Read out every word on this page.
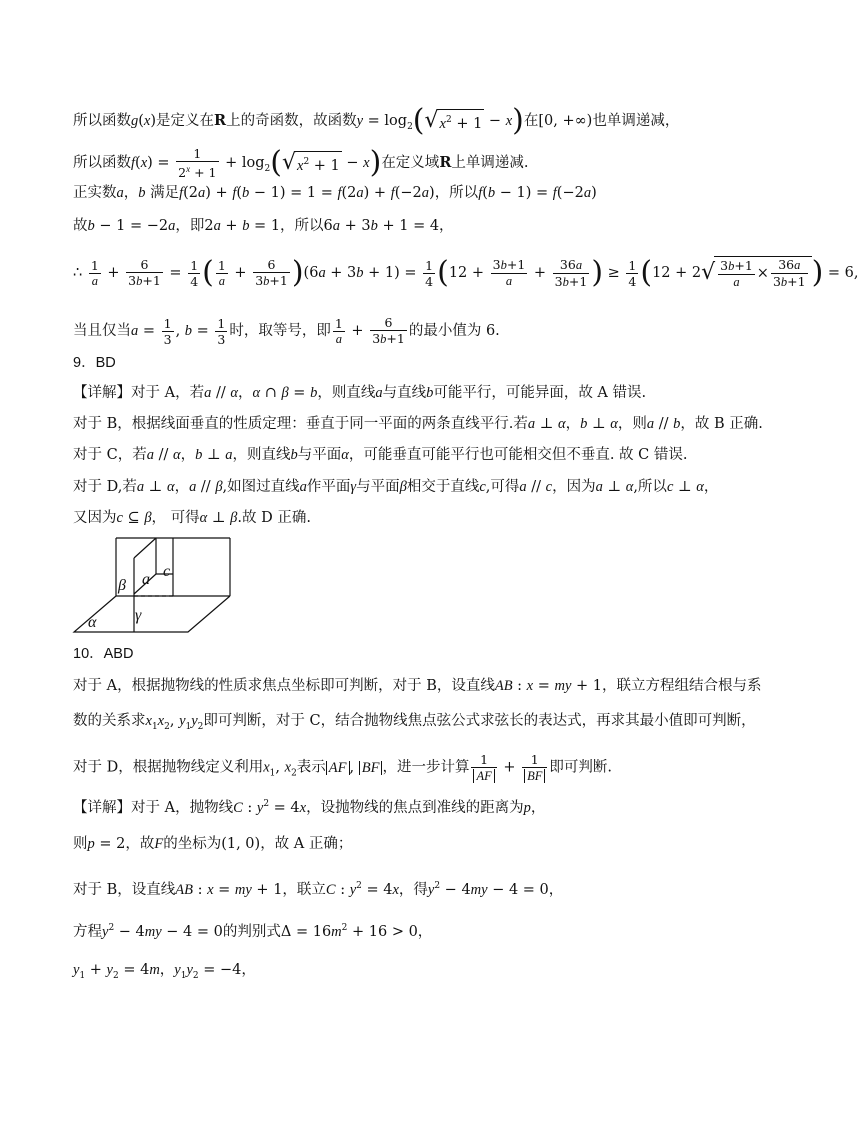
所以函数g(x)是定义在R上的奇函数，故函数$y = \log_2(√x^2 + 1 - x)$在[0, +∞)也单调递减，
所以函数$f(x) = \frac{1}{2^x + 1} + \log_2(√x^2 + 1 - x)$在定义域R上单调递减.
正实数a，b 满足f(2a) + f(b − 1) = 1 = f(2a) + f(−2a)，所以f(b − 1) = f(−2a)
故b − 1 = −2a，即2a + b = 1，所以6a + 3b + 1 = 4，
∴ $\frac{1}{a} + \frac{6}{3b+1} = \frac{1}{4}$ ( $\frac{1}{a} + \frac{6}{3b+1} )(6a + 3b + 1) = \frac{1}{4} (12 + \frac{3b+1}{a} + \frac{36a}{3b+1}$ ) ≥ $\frac{1}{4} (12 + 2√ \frac{3b+1}{a} \times \frac{36a}{3b+1}$ ) = 6,
当且仅当$a = \frac{1}{3}$ , $b = \frac{1}{3}$ 时，取等号，即 $\frac{1}{a} + \frac{6}{3b+1}$ 的最小值为 6.
9．BD
【详解】对于 A，若a // α，α ∩ β = b，则直线a与直线b可能平行，可能异面，故 A 错误.
对于 B，根据线面垂直的性质定理：垂直于同一平面的两条直线平行.若a ⊥ α，b ⊥ α，则a // b，故 B 正确.
对于 C，若a // α，b ⊥ a，则直线b与平面α，可能垂直可能平行也可能相交但不垂直. 故 C 错误.
对于 D,若a ⊥ α，a // β,如图过直线a作平面γ与平面β相交于直线c,可得a // c，因为a ⊥ α,所以c ⊥ α，
又因为c ⊆ β， 可得α ⊥ β.故 D 正确.
β a c
γ
α
10．ABD
对于 A，根据抛物线的性质求焦点坐标即可判断，对于 B，设直线AB : x = my + 1，联立方程组结合根与系
数的关系求$x_1x_2$, $y_1y_2$即可判断，对于 C，结合抛物线焦点弦公式求弦长的表达式，再求其最小值即可判断，
对于 D，根据抛物线定义利用$x_1$, $x_2$表示 AF , BF ，进一步计算 $\frac{1}{AF} + \frac{1}{BF}$ 即可判断.
【详解】对于 A，抛物线C : $y^2 = 4x$，设抛物线的焦点到准线的距离为p，
则p = 2，故F的坐标为(1, 0)，故 A 正确；
对于 B，设直线AB : x = my + 1，联立C : $y^2 = 4x$，得$y^2 - 4my - 4 = 0$，
方程$y^2 - 4my - 4 = 0$的判别式$\Delta = 16m^2 + 16 > 0$，
$y_1 + y_2 = 4m$，$y_1y_2 = -4$，
